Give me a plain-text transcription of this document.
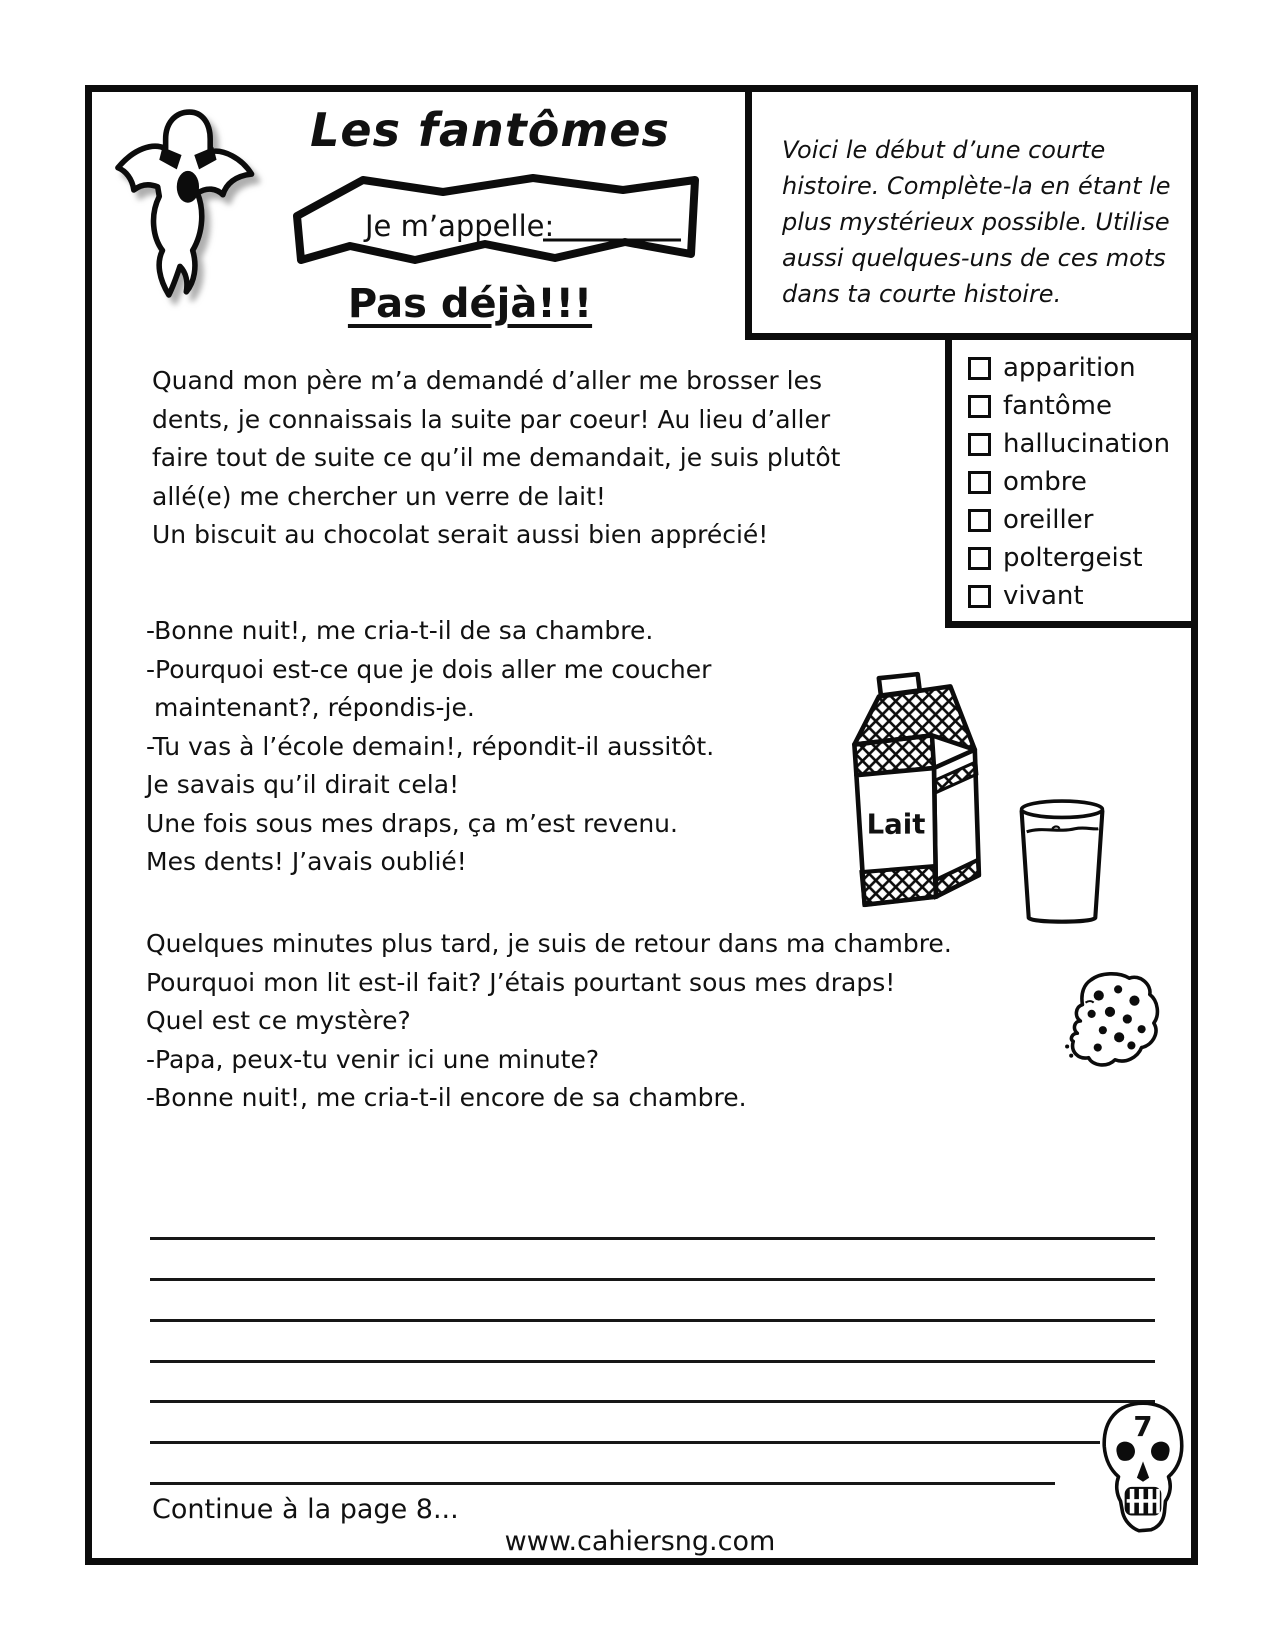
Les fantômes
Je m’appelle:
Pas déjà!!!
Voici le début d’une courte
histoire. Complète-la en étant le
plus mystérieux possible. Utilise
aussi quelques-uns de ces mots
dans ta courte histoire.
apparition
fantôme
hallucination
ombre
oreiller
poltergeist
vivant
Quand mon père m’a demandé d’aller me brosser les
dents, je connaissais la suite par coeur! Au lieu d’aller
faire tout de suite ce qu’il me demandait, je suis plutôt
allé(e) me chercher un verre de lait!
Un biscuit au chocolat serait aussi bien apprécié!
-Bonne nuit!, me cria-t-il de sa chambre.
-Pourquoi est-ce que je dois aller me coucher
maintenant?, répondis-je.
-Tu vas à l’école demain!, répondit-il aussitôt.
Je savais qu’il dirait cela!
Une fois sous mes draps, ça m’est revenu.
Mes dents! J’avais oublié!
Quelques minutes plus tard, je suis de retour dans ma chambre.
Pourquoi mon lit est-il fait? J’étais pourtant sous mes draps!
Quel est ce mystère?
-Papa, peux-tu venir ici une minute?
-Bonne nuit!, me cria-t-il encore de sa chambre.
Lait
7
Continue à la page 8...
www.cahiersng.com
